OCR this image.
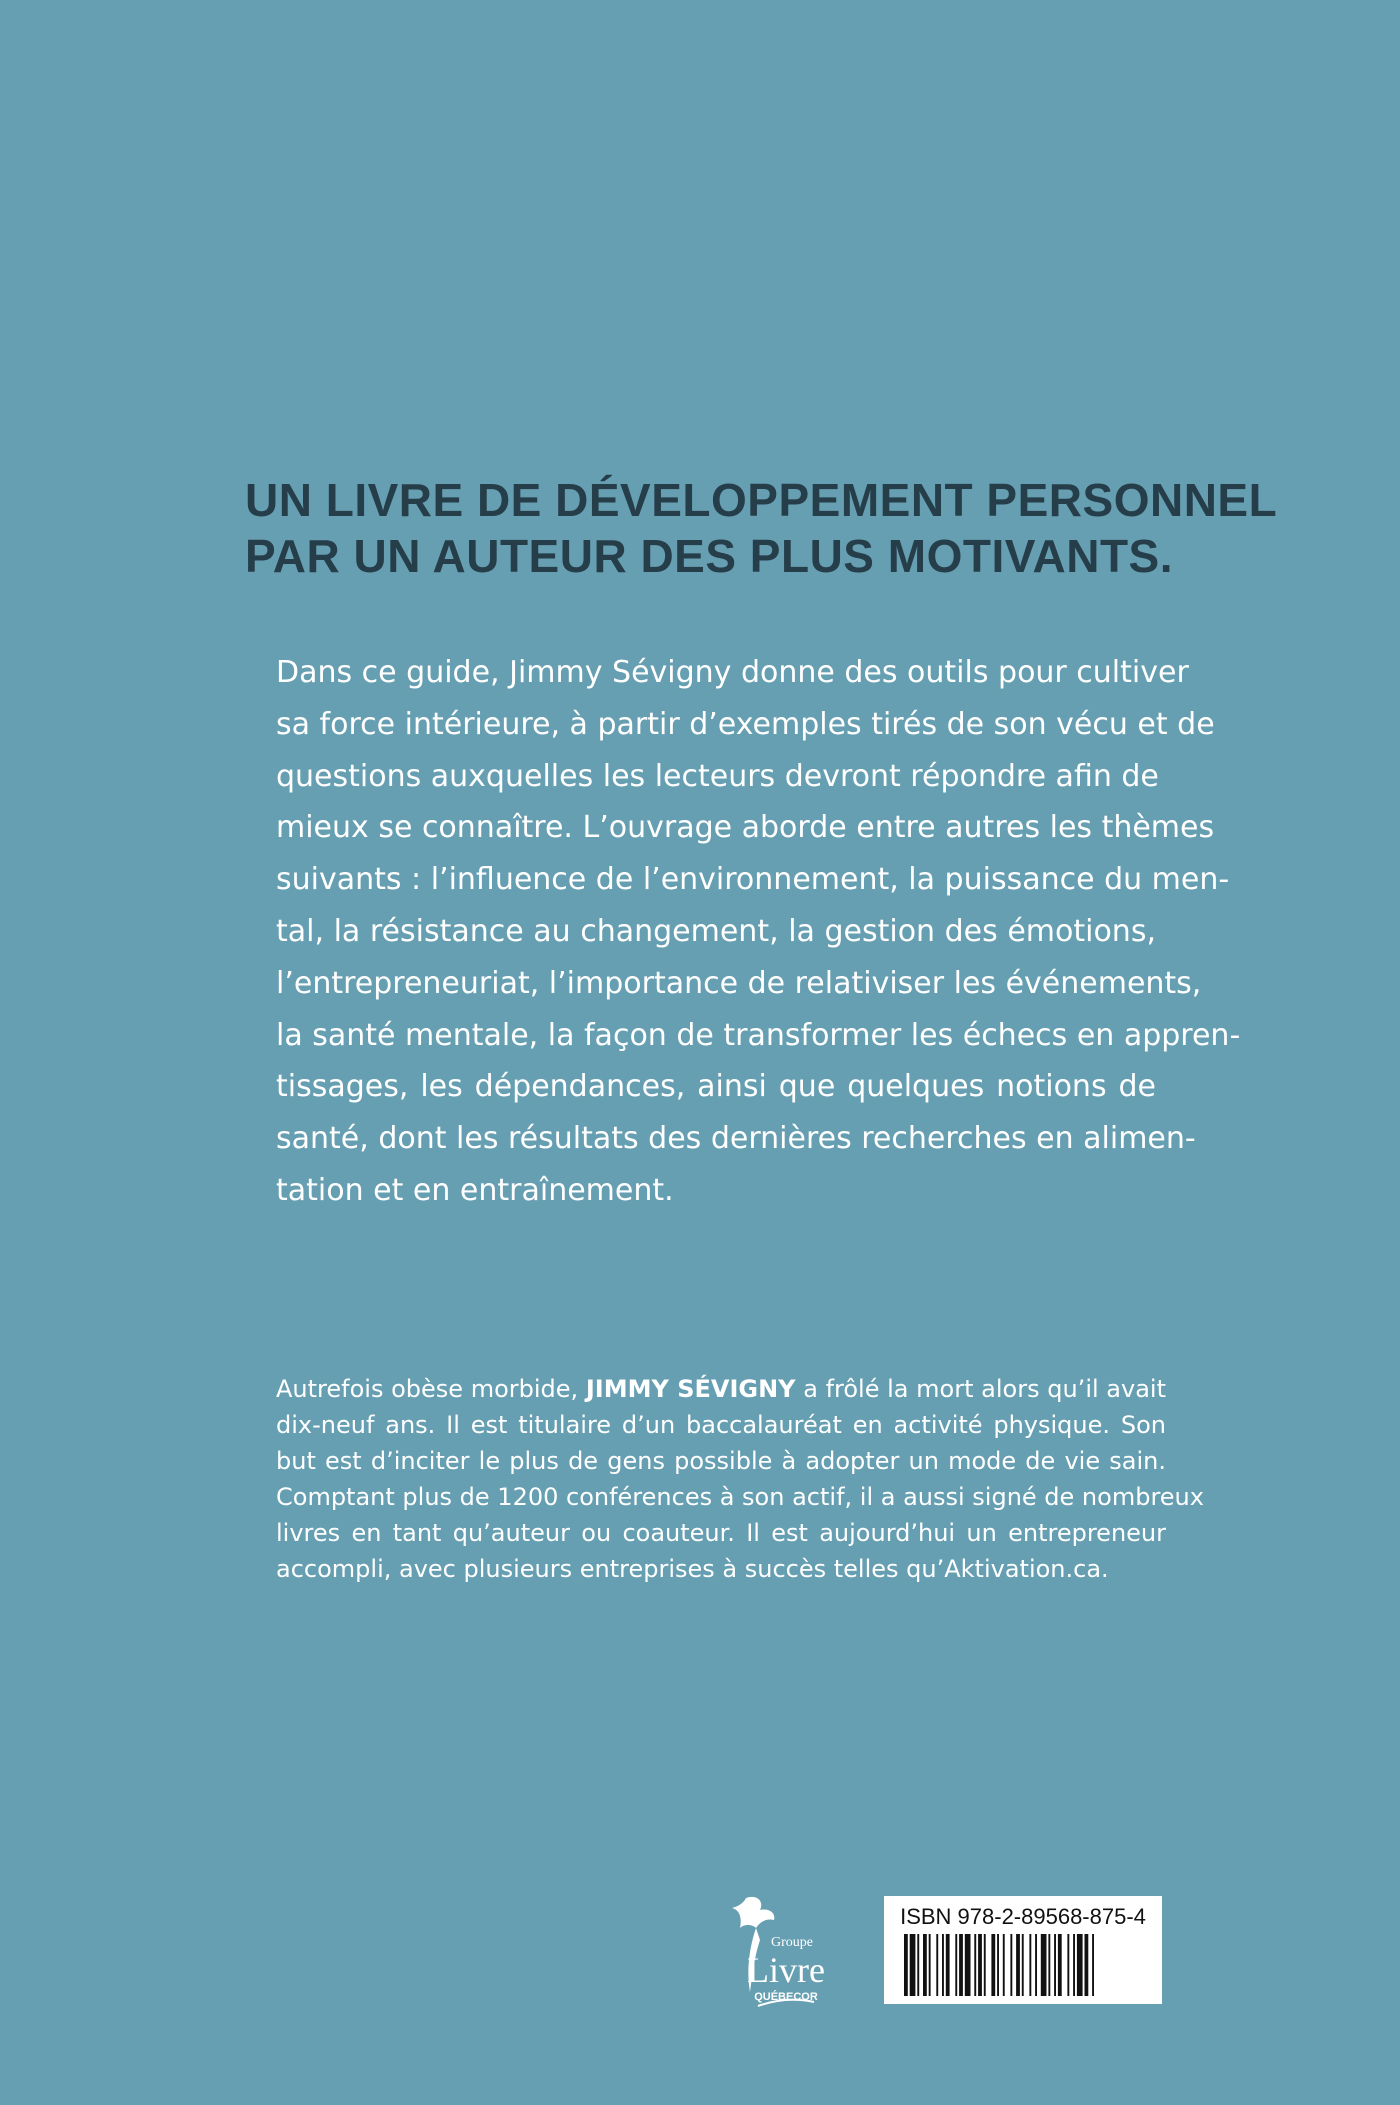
UN LIVRE DE DÉVELOPPEMENT PERSONNEL
PAR UN AUTEUR DES PLUS MOTIVANTS.
Dans ce guide, Jimmy Sévigny donne des outils pour cultiver
sa force intérieure, à partir d’exemples tirés de son vécu et de
questions auxquelles les lecteurs devront répondre afin de
mieux se connaître. L’ouvrage aborde entre autres les thèmes
suivants : l’influence de l’environnement, la puissance du men-
tal, la résistance au changement, la gestion des émotions,
l’entrepreneuriat, l’importance de relativiser les événements,
la santé mentale, la façon de transformer les échecs en appren-
tissages, les dépendances, ainsi que quelques notions de
santé, dont les résultats des dernières recherches en alimen-
tation et en entraînement.
Autrefois obèse morbide, JIMMY SÉVIGNY a frôlé la mort alors qu’il avait
dix-neuf ans. Il est titulaire d’un baccalauréat en activité physique. Son
but est d’inciter le plus de gens possible à adopter un mode de vie sain.
Comptant plus de 1200 conférences à son actif, il a aussi signé de nombreux
livres en tant qu’auteur ou coauteur. Il est aujourd’hui un entrepreneur
accompli, avec plusieurs entreprises à succès telles qu’Aktivation.ca.
Groupe
Livre
QUÉBECOR
ISBN 978-2-89568-875-4
